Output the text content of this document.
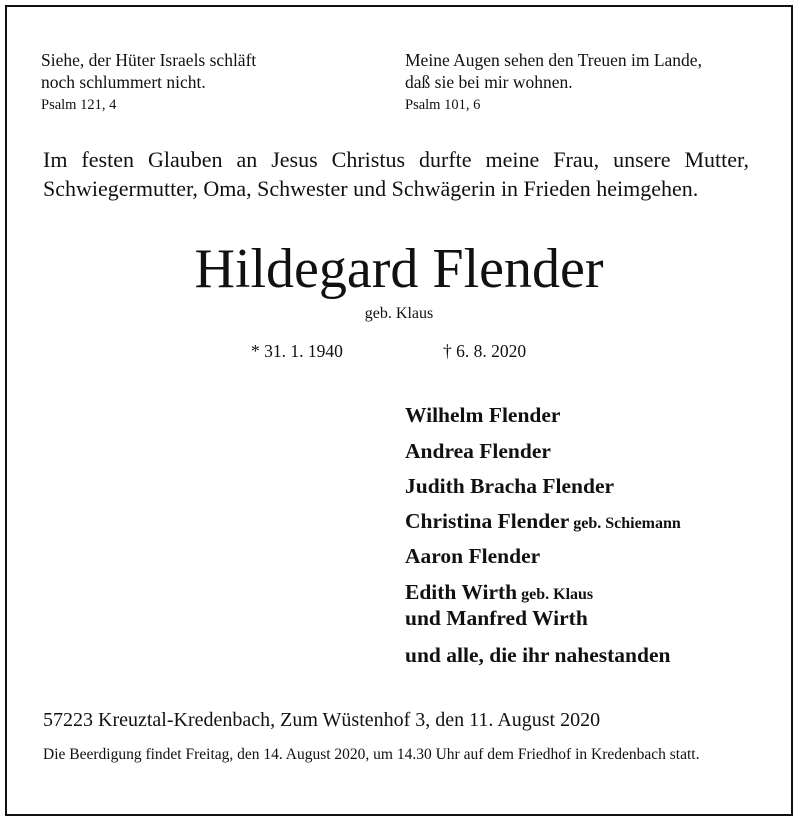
Siehe, der Hüter Israels schläft
noch schlummert nicht.
Psalm 121, 4
Meine Augen sehen den Treuen im Lande,
daß sie bei mir wohnen.
Psalm 101, 6
Im festen Glauben an Jesus Christus durfte meine Frau, unsere Mutter, Schwiegermutter, Oma, Schwester und Schwägerin in Frieden heimgehen.
Hildegard Flender
geb. Klaus
* 31. 1. 1940	† 6. 8. 2020
Wilhelm Flender
Andrea Flender
Judith Bracha Flender
Christina Flender geb. Schiemann
Aaron Flender
Edith Wirth geb. Klaus
und Manfred Wirth
und alle, die ihr nahestanden
57223 Kreuztal-Kredenbach, Zum Wüstenhof 3, den 11. August 2020
Die Beerdigung findet Freitag, den 14. August 2020, um 14.30 Uhr auf dem Friedhof in Kredenbach statt.
